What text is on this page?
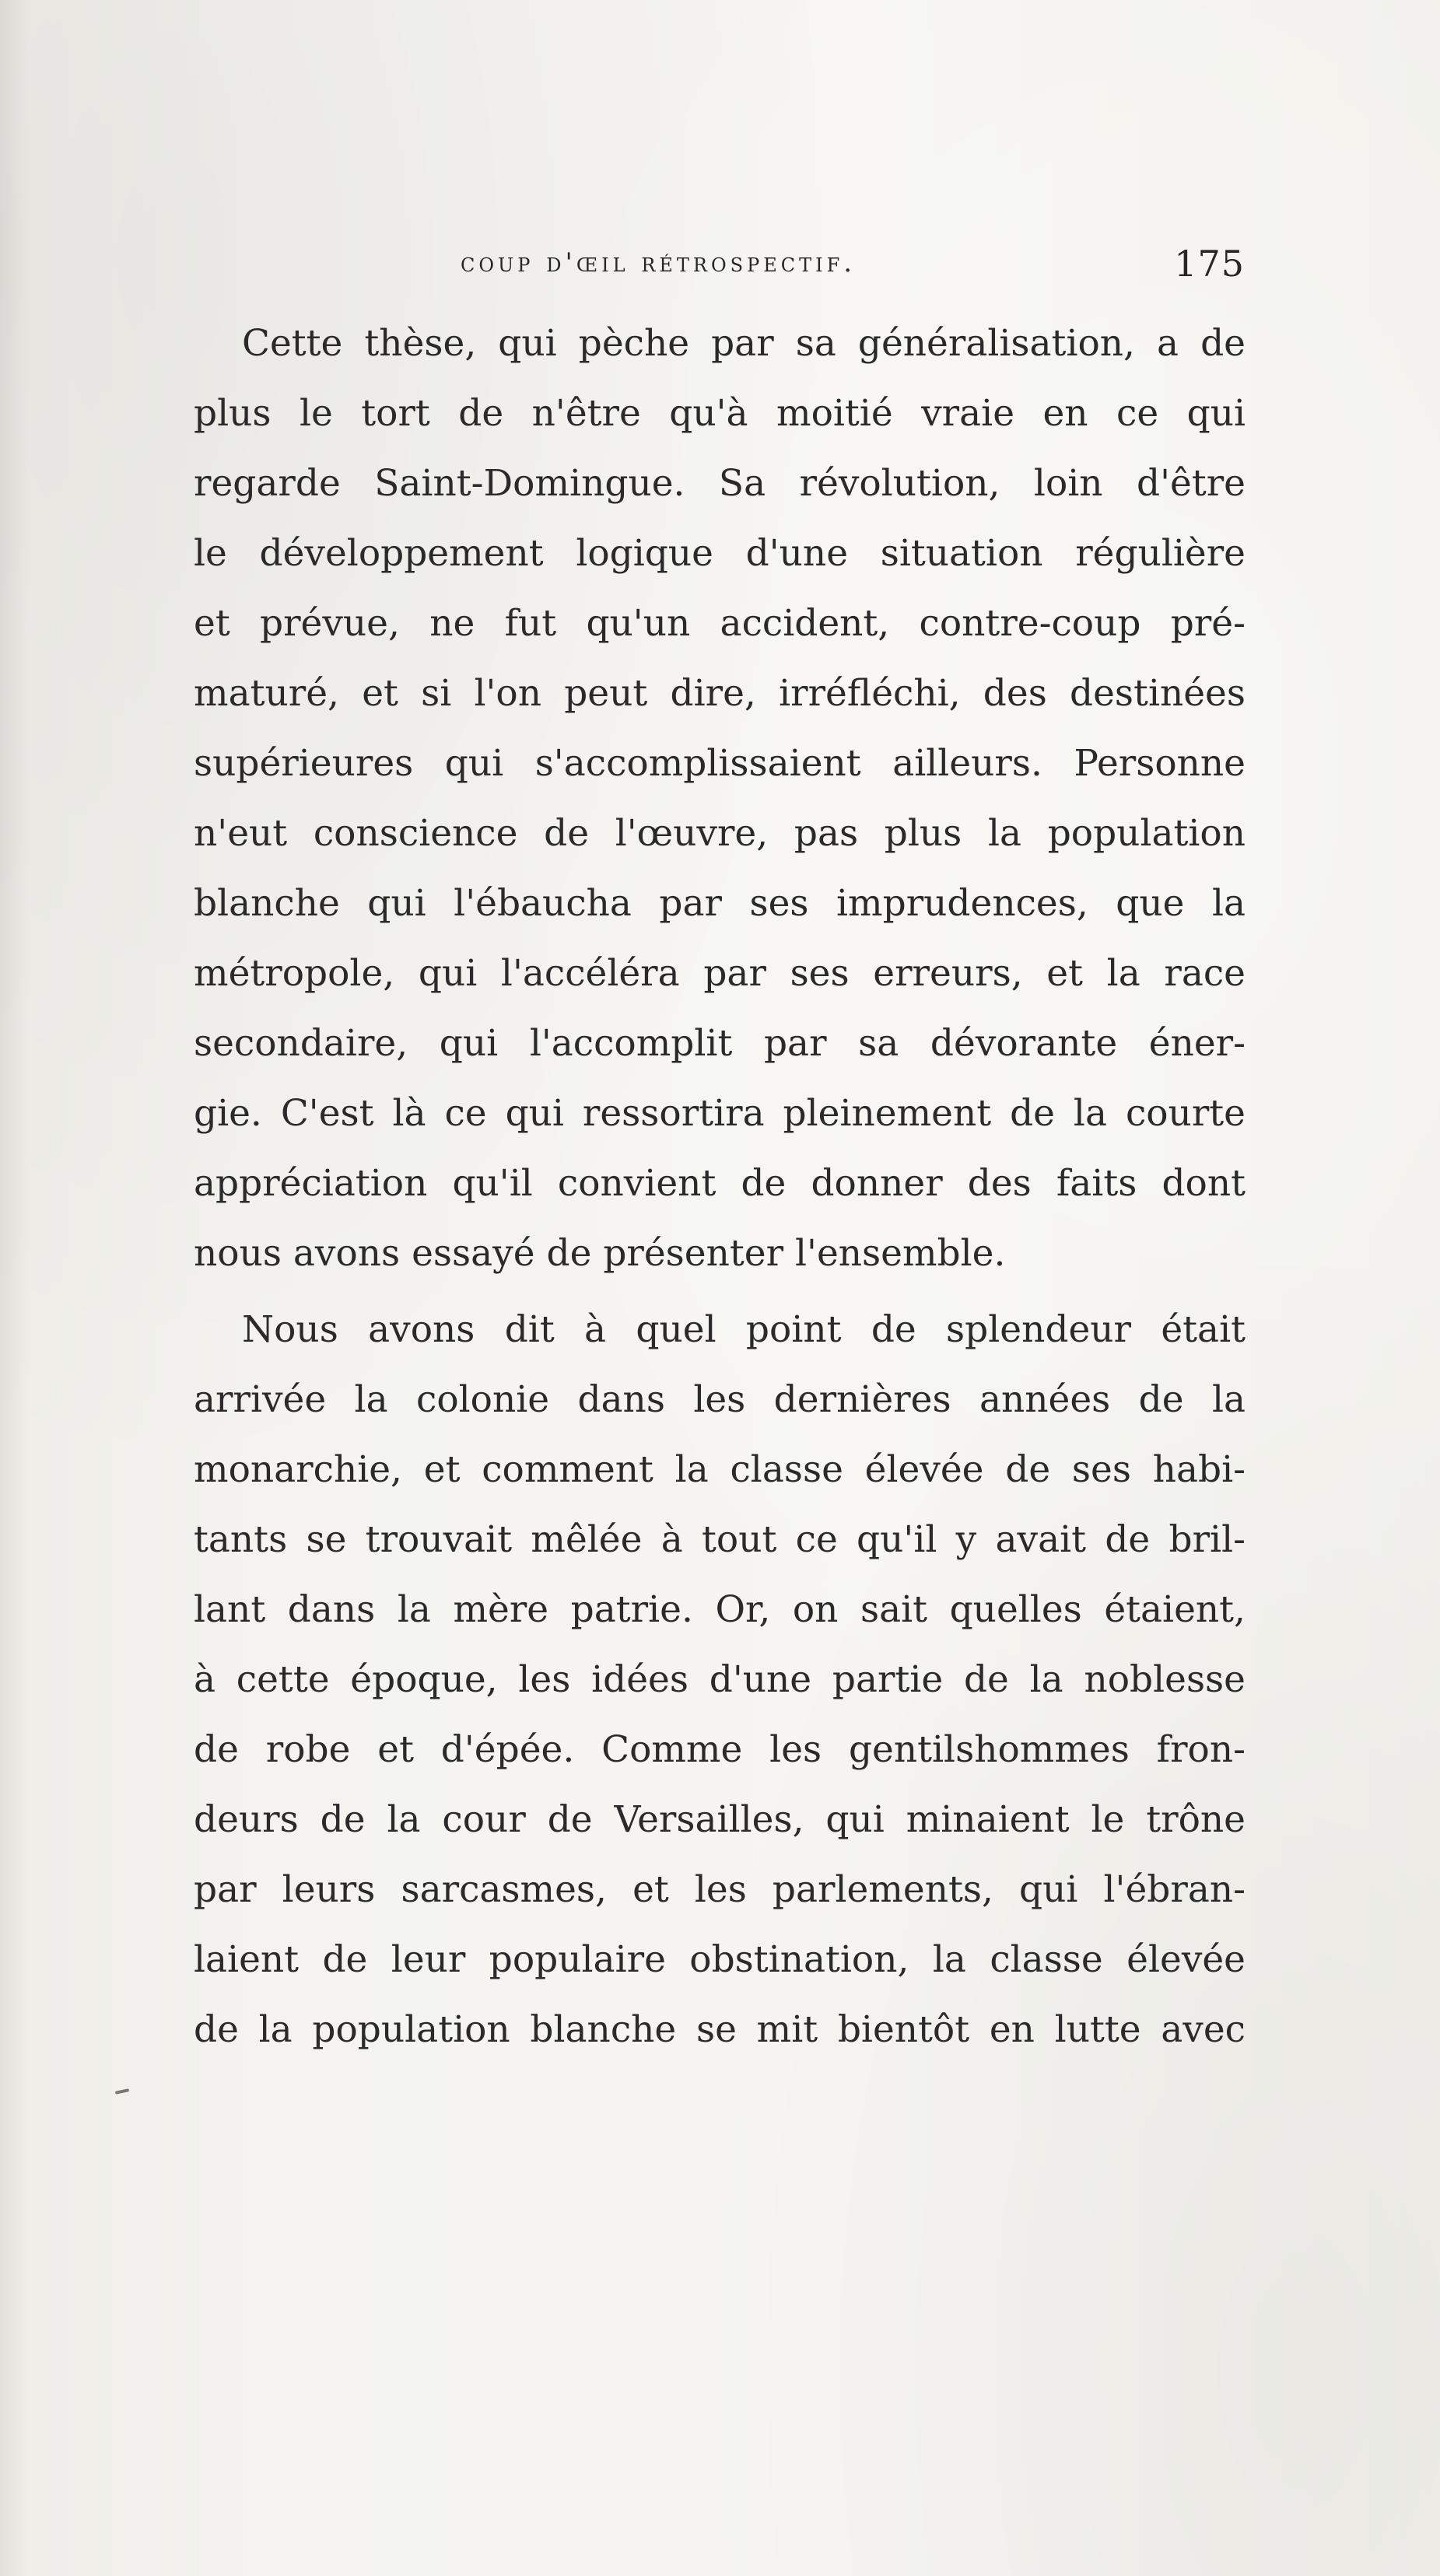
coup d'œil rétrospectif.	175
Cette thèse, qui pèche par sa généralisation, a de
plus le tort de n'être qu'à moitié vraie en ce qui
regarde Saint-Domingue. Sa révolution, loin d'être
le développement logique d'une situation régulière
et prévue, ne fut qu'un accident, contre-coup pré-
maturé, et si l'on peut dire, irréfléchi, des destinées
supérieures qui s'accomplissaient ailleurs. Personne
n'eut conscience de l'œuvre, pas plus la population
blanche qui l'ébaucha par ses imprudences, que la
métropole, qui l'accéléra par ses erreurs, et la race
secondaire, qui l'accomplit par sa dévorante éner-
gie. C'est là ce qui ressortira pleinement de la courte
appréciation qu'il convient de donner des faits dont
nous avons essayé de présenter l'ensemble.
Nous avons dit à quel point de splendeur était
arrivée la colonie dans les dernières années de la
monarchie, et comment la classe élevée de ses habi-
tants se trouvait mêlée à tout ce qu'il y avait de bril-
lant dans la mère patrie. Or, on sait quelles étaient,
à cette époque, les idées d'une partie de la noblesse
de robe et d'épée. Comme les gentilshommes fron-
deurs de la cour de Versailles, qui minaient le trône
par leurs sarcasmes, et les parlements, qui l'ébran-
laient de leur populaire obstination, la classe élevée
de la population blanche se mit bientôt en lutte avec
